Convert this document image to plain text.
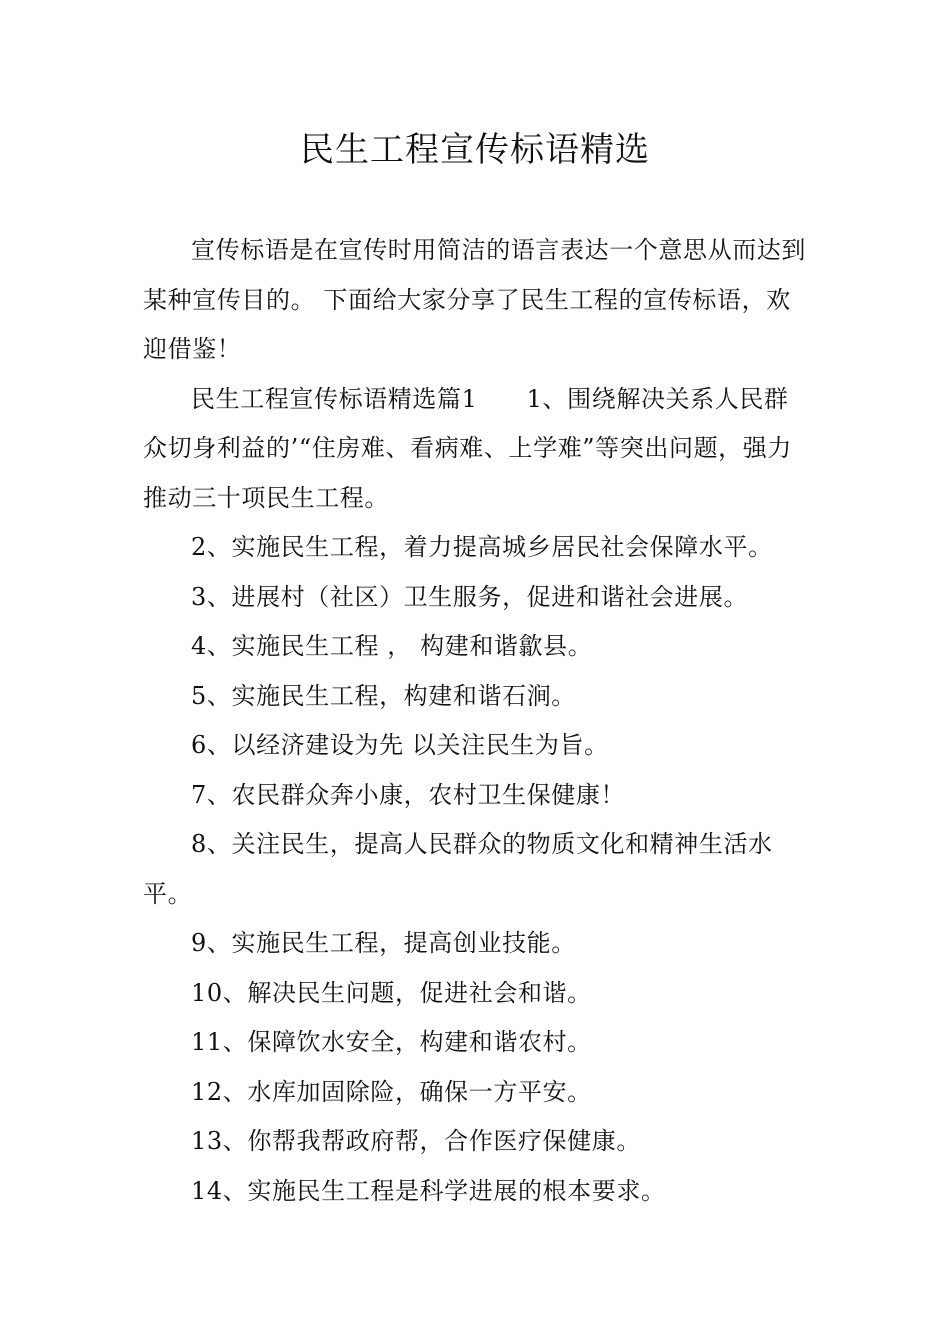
民生工程宣传标语精选

宣传标语是在宣传时用简洁的语言表达一个意思从而达到某种宣传目的。 下面给大家分享了民生工程的宣传标语，欢迎借鉴！

民生工程宣传标语精选篇1　　1、围绕解决关系人民群众切身利益的’“住房难、看病难、上学难”等突出问题，强力推动三十项民生工程。

2、实施民生工程，着力提高城乡居民社会保障水平。

3、进展村（社区）卫生服务，促进和谐社会进展。

4、实施民生工程 ， 构建和谐歙县。

5、实施民生工程，构建和谐石涧。

6、以经济建设为先 以关注民生为旨。

7、农民群众奔小康，农村卫生保健康！

8、关注民生，提高人民群众的物质文化和精神生活水平。

9、实施民生工程，提高创业技能。

10、解决民生问题，促进社会和谐。

11、保障饮水安全，构建和谐农村。

12、水库加固除险，确保一方平安。

13、你帮我帮政府帮，合作医疗保健康。

14、实施民生工程是科学进展的根本要求。
